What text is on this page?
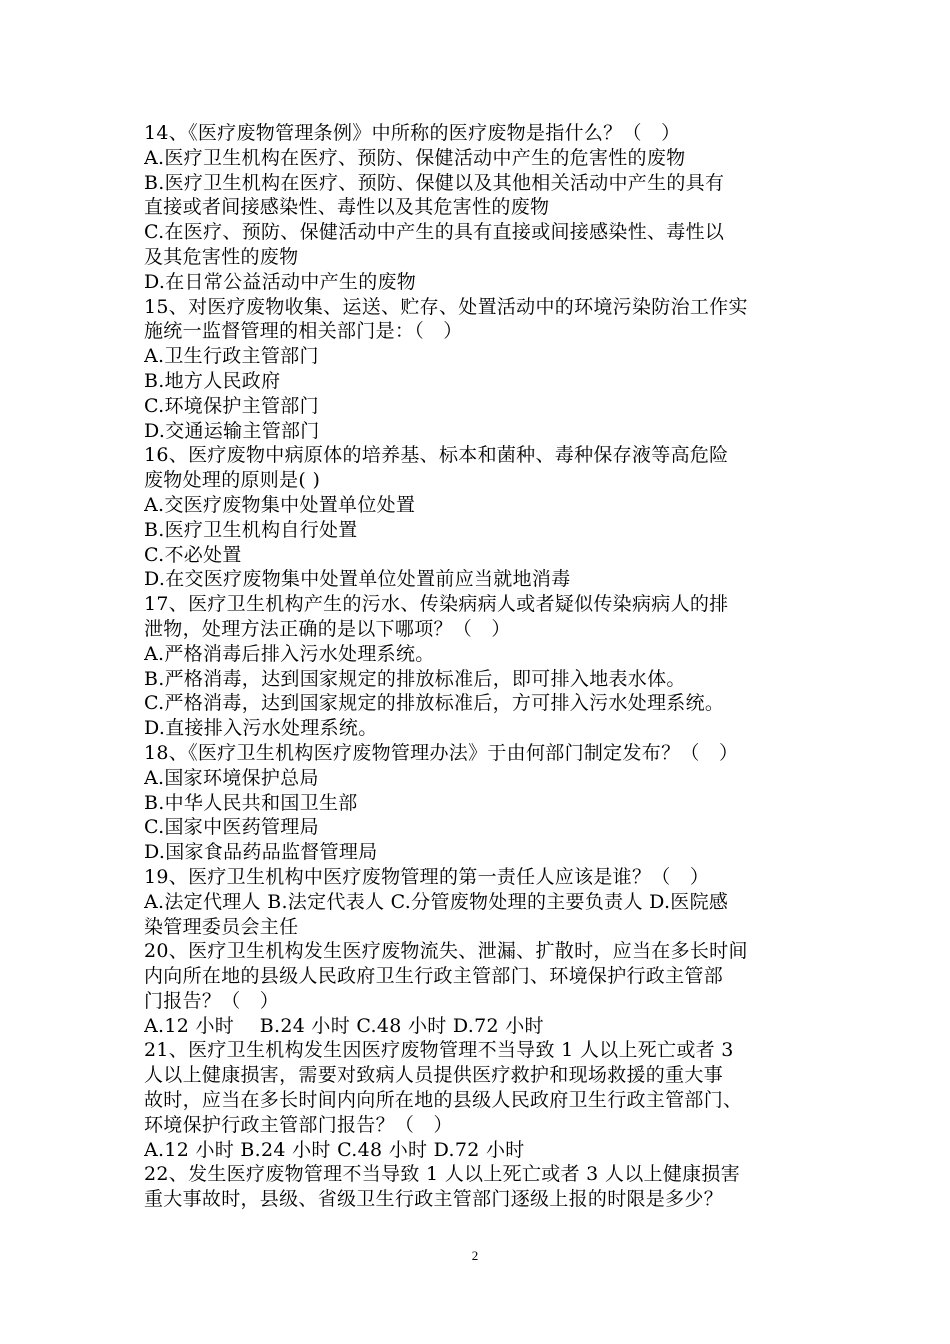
14、《医疗废物管理条例》中所称的医疗废物是指什么？（　）
A.医疗卫生机构在医疗、预防、保健活动中产生的危害性的废物
B.医疗卫生机构在医疗、预防、保健以及其他相关活动中产生的具有
直接或者间接感染性、毒性以及其危害性的废物
C.在医疗、预防、保健活动中产生的具有直接或间接感染性、毒性以
及其危害性的废物
D.在日常公益活动中产生的废物
15、对医疗废物收集、运送、贮存、处置活动中的环境污染防治工作实
施统一监督管理的相关部门是：（　）
A.卫生行政主管部门
B.地方人民政府
C.环境保护主管部门
D.交通运输主管部门
16、医疗废物中病原体的培养基、标本和菌种、毒种保存液等高危险
废物处理的原则是( )
A.交医疗废物集中处置单位处置
B.医疗卫生机构自行处置
C.不必处置
D.在交医疗废物集中处置单位处置前应当就地消毒
17、医疗卫生机构产生的污水、传染病病人或者疑似传染病病人的排
泄物，处理方法正确的是以下哪项？（　）
A.严格消毒后排入污水处理系统。
B.严格消毒，达到国家规定的排放标准后，即可排入地表水体。
C.严格消毒，达到国家规定的排放标准后，方可排入污水处理系统。
D.直接排入污水处理系统。
18、《医疗卫生机构医疗废物管理办法》于由何部门制定发布？（　）
A.国家环境保护总局
B.中华人民共和国卫生部
C.国家中医药管理局
D.国家食品药品监督管理局
19、医疗卫生机构中医疗废物管理的第一责任人应该是谁？（　）
A.法定代理人 B.法定代表人 C.分管废物处理的主要负责人 D.医院感
染管理委员会主任
20、医疗卫生机构发生医疗废物流失、泄漏、扩散时，应当在多长时间
内向所在地的县级人民政府卫生行政主管部门、环境保护行政主管部
门报告？（　）
A.12 小时　 B.24 小时 C.48 小时 D.72 小时
21、医疗卫生机构发生因医疗废物管理不当导致 1 人以上死亡或者 3
人以上健康损害，需要对致病人员提供医疗救护和现场救援的重大事
故时，应当在多长时间内向所在地的县级人民政府卫生行政主管部门、
环境保护行政主管部门报告？（　）
A.12 小时 B.24 小时 C.48 小时 D.72 小时
22、发生医疗废物管理不当导致 1 人以上死亡或者 3 人以上健康损害
重大事故时，县级、省级卫生行政主管部门逐级上报的时限是多少？
2
